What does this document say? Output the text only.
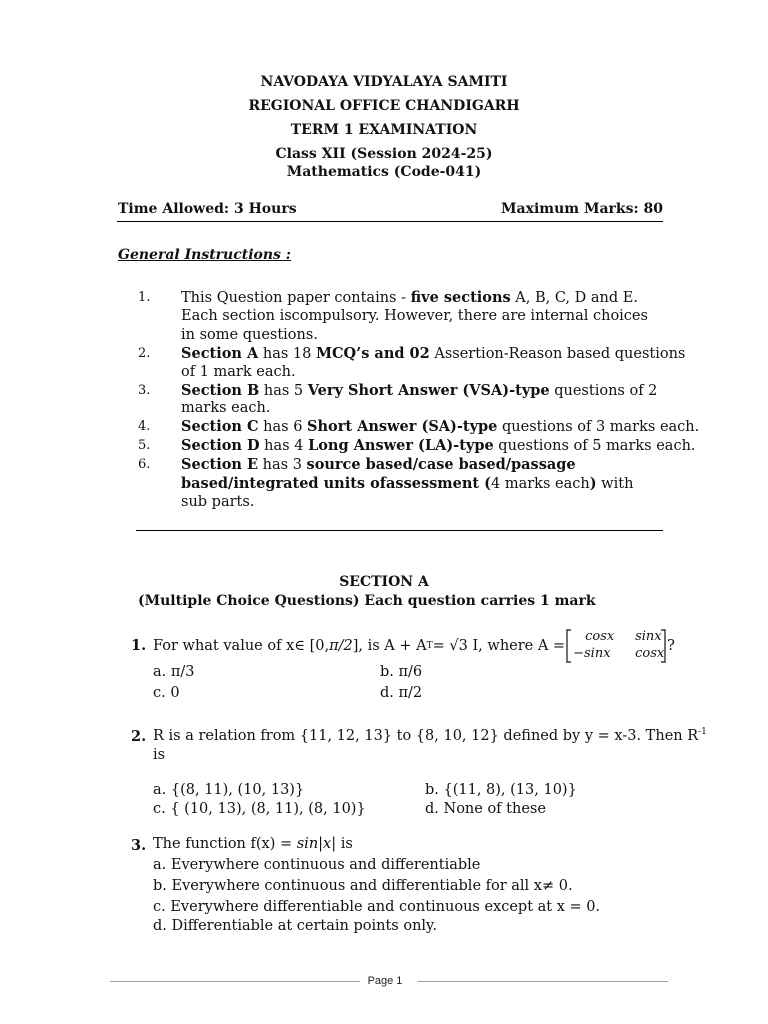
NAVODAYA VIDYALAYA SAMITI
REGIONAL OFFICE CHANDIGARH
TERM 1 EXAMINATION
Class XII (Session 2024-25)
Mathematics (Code-041)
Time Allowed: 3 Hours	Maximum Marks: 80
General Instructions :
1. This Question paper contains - five sections A, B, C, D and E.
Each section iscompulsory. However, there are internal choices
in some questions.
2. Section A has 18 MCQ’s and 02 Assertion-Reason based questions
of 1 mark each.
3. Section B has 5 Very Short Answer (VSA)-type questions of 2
marks each.
4. Section C has 6 Short Answer (SA)-type questions of 3 marks each.
5. Section D has 4 Long Answer (LA)-type questions of 5 marks each.
6. Section E has 3 source based/case based/passage
based/integrated units ofassessment (4 marks each) with
sub parts.
SECTION A
(Multiple Choice Questions) Each question carries 1 mark
1. For what value of x∈ [0, π/2 ], is A + A T = √3 I, where A =
cosx sinx
−sinx cosx ?
a. π/3	b. π/6
c. 0	d. π/2
2. R is a relation from {11, 12, 13} to {8, 10, 12} defined by y = x-3. Then $R^{-1}$
is
a. {(8, 11), (10, 13)}	b. {(11, 8), (13, 10)}
c. { (10, 13), (8, 11), (8, 10)}	d. None of these
3. The function f(x) = sin|x| is
a. Everywhere continuous and differentiable
b. Everywhere continuous and differentiable for all x≠ 0.
c. Everywhere differentiable and continuous except at x = 0.
d. Differentiable at certain points only.
Page 1
